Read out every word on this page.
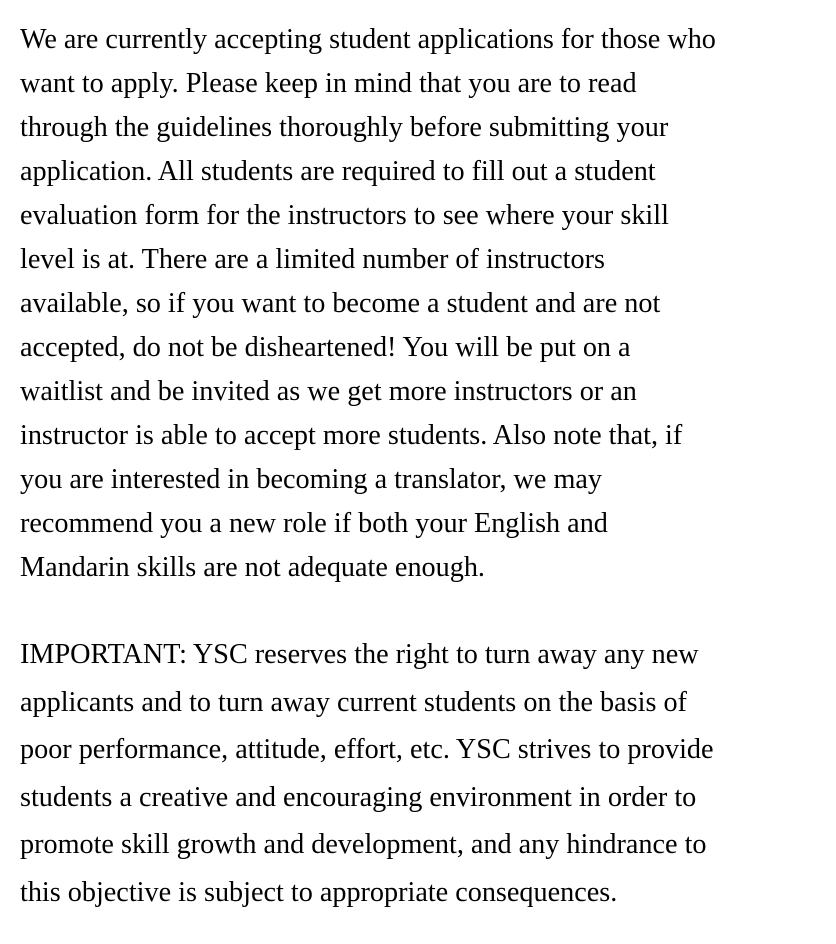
We are currently accepting student applications for those who
want to apply. Please keep in mind that you are to read
through the guidelines thoroughly before submitting your
application. All students are required to fill out a student
evaluation form for the instructors to see where your skill
level is at. There are a limited number of instructors
available, so if you want to become a student and are not
accepted, do not be disheartened! You will be put on a
waitlist and be invited as we get more instructors or an
instructor is able to accept more students. Also note that, if
you are interested in becoming a translator, we may
recommend you a new role if both your English and
Mandarin skills are not adequate enough.

IMPORTANT: YSC reserves the right to turn away any new
applicants and to turn away current students on the basis of
poor performance, attitude, effort, etc. YSC strives to provide
students a creative and encouraging environment in order to
promote skill growth and development, and any hindrance to
this objective is subject to appropriate consequences.
